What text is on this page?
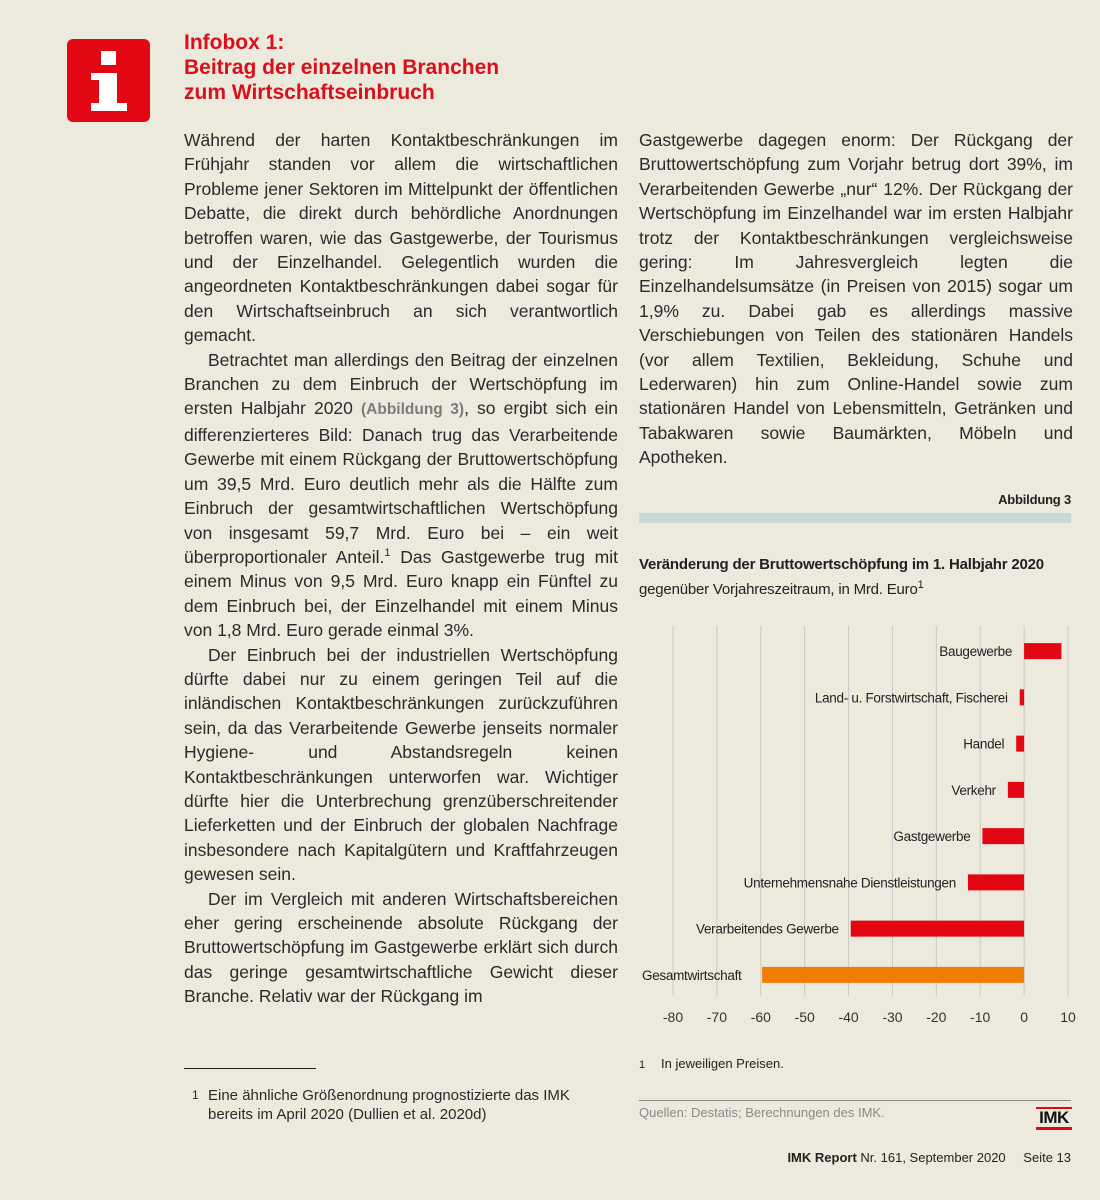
Infobox 1:
Beitrag der einzelnen Branchen
zum Wirtschaftseinbruch

Während der harten Kontaktbeschränkungen im Frühjahr standen vor allem die wirtschaftlichen Probleme jener Sektoren im Mittelpunkt der öffentlichen Debatte, die direkt durch behördliche Anordnungen betroffen waren, wie das Gastgewerbe, der Tourismus und der Einzelhandel. Gelegentlich wurden die angeordneten Kontaktbeschränkungen dabei sogar für den Wirtschaftseinbruch an sich verantwortlich gemacht.

Betrachtet man allerdings den Beitrag der einzelnen Branchen zu dem Einbruch der Wertschöpfung im ersten Halbjahr 2020 (Abbildung 3), so ergibt sich ein differenzierteres Bild: Danach trug das Verarbeitende Gewerbe mit einem Rückgang der Bruttowertschöpfung um 39,5 Mrd. Euro deutlich mehr als die Hälfte zum Einbruch der gesamtwirtschaftlichen Wertschöpfung von insgesamt 59,7 Mrd. Euro bei – ein weit überproportionaler Anteil.$^1$ Das Gastgewerbe trug mit einem Minus von 9,5 Mrd. Euro knapp ein Fünftel zu dem Einbruch bei, der Einzelhandel mit einem Minus von 1,8 Mrd. Euro gerade einmal 3%.

Der Einbruch bei der industriellen Wertschöpfung dürfte dabei nur zu einem geringen Teil auf die inländischen Kontaktbeschränkungen zurückzuführen sein, da das Verarbeitende Gewerbe jenseits normaler Hygiene- und Abstandsregeln keinen Kontaktbeschränkungen unterworfen war. Wichtiger dürfte hier die Unterbrechung grenzüberschreitender Lieferketten und der Einbruch der globalen Nachfrage insbesondere nach Kapitalgütern und Kraftfahrzeugen gewesen sein.

Der im Vergleich mit anderen Wirtschaftsbereichen eher gering erscheinende absolute Rückgang der Bruttowertschöpfung im Gastgewerbe erklärt sich durch das geringe gesamtwirtschaftliche Gewicht dieser Branche. Relativ war der Rückgang im

Gastgewerbe dagegen enorm: Der Rückgang der Bruttowertschöpfung zum Vorjahr betrug dort 39%, im Verarbeitenden Gewerbe „nur“ 12%. Der Rückgang der Wertschöpfung im Einzelhandel war im ersten Halbjahr trotz der Kontaktbeschränkungen vergleichsweise gering: Im Jahresvergleich legten die Einzelhandelsumsätze (in Preisen von 2015) sogar um 1,9% zu. Dabei gab es allerdings massive Verschiebungen von Teilen des stationären Handels (vor allem Textilien, Bekleidung, Schuhe und Lederwaren) hin zum Online-Handel sowie zum stationären Handel von Lebensmitteln, Getränken und Tabakwaren sowie Baumärkten, Möbeln und Apotheken.

1 Eine ähnliche Größenordnung prognostizierte das IMK bereits im April 2020 (Dullien et al. 2020d)
Abbildung 3
Veränderung der Bruttowertschöpfung im 1. Halbjahr 2020
gegenüber Vorjahreszeitraum, in Mrd. Euro$^1$
Baugewerbe
Land- u. Forstwirtschaft, Fischerei
Handel
Verkehr
Gastgewerbe
Unternehmensnahe Dienstleistungen
Verarbeitendes Gewerbe
Gesamtwirtschaft
-80 -70 -60 -50 -40 -30 -20 -10 0 10
1 In jeweiligen Preisen.
Quellen: Destatis; Berechnungen des IMK.	IMK
IMK Report Nr. 161, September 2020 Seite 13
